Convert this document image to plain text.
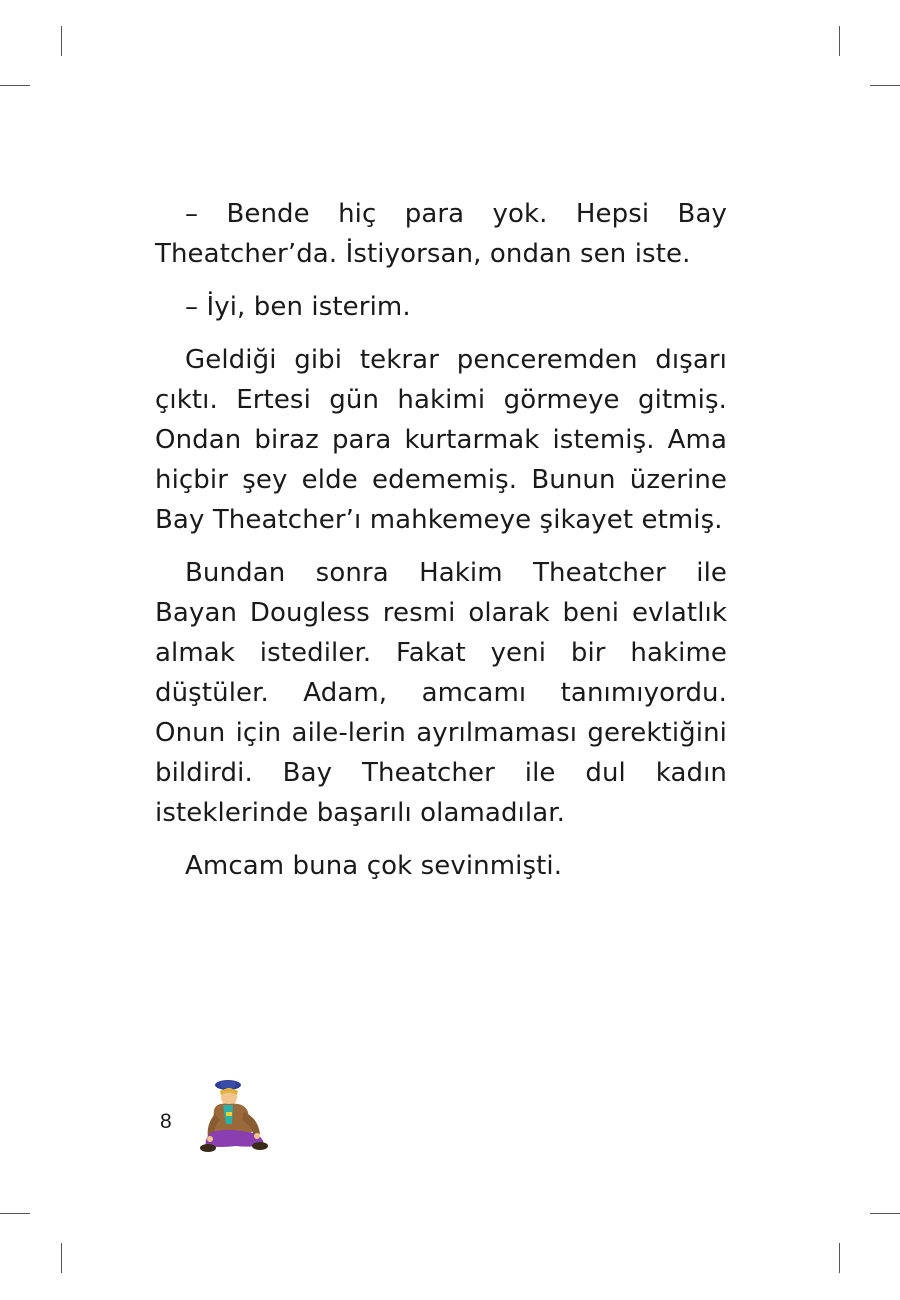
– Bende hiç para yok. Hepsi Bay Theatcher’da. İstiyorsan, ondan sen iste.

– İyi, ben isterim.

Geldiği gibi tekrar penceremden dışarı çıktı. Ertesi gün hakimi görmeye gitmiş. Ondan biraz para kurtarmak istemiş. Ama hiçbir şey elde edememiş. Bunun üzerine Bay Theatcher’ı mahkemeye şikayet etmiş.

Bundan sonra Hakim Theatcher ile Bayan Dougless resmi olarak beni evlatlık almak istediler. Fakat yeni bir hakime düştüler. Adam, amcamı tanımıyordu. Onun için aile-lerin ayrılmaması gerektiğini bildirdi. Bay Theatcher ile dul kadın isteklerinde başarılı olamadılar.

Amcam buna çok sevinmişti.

8
